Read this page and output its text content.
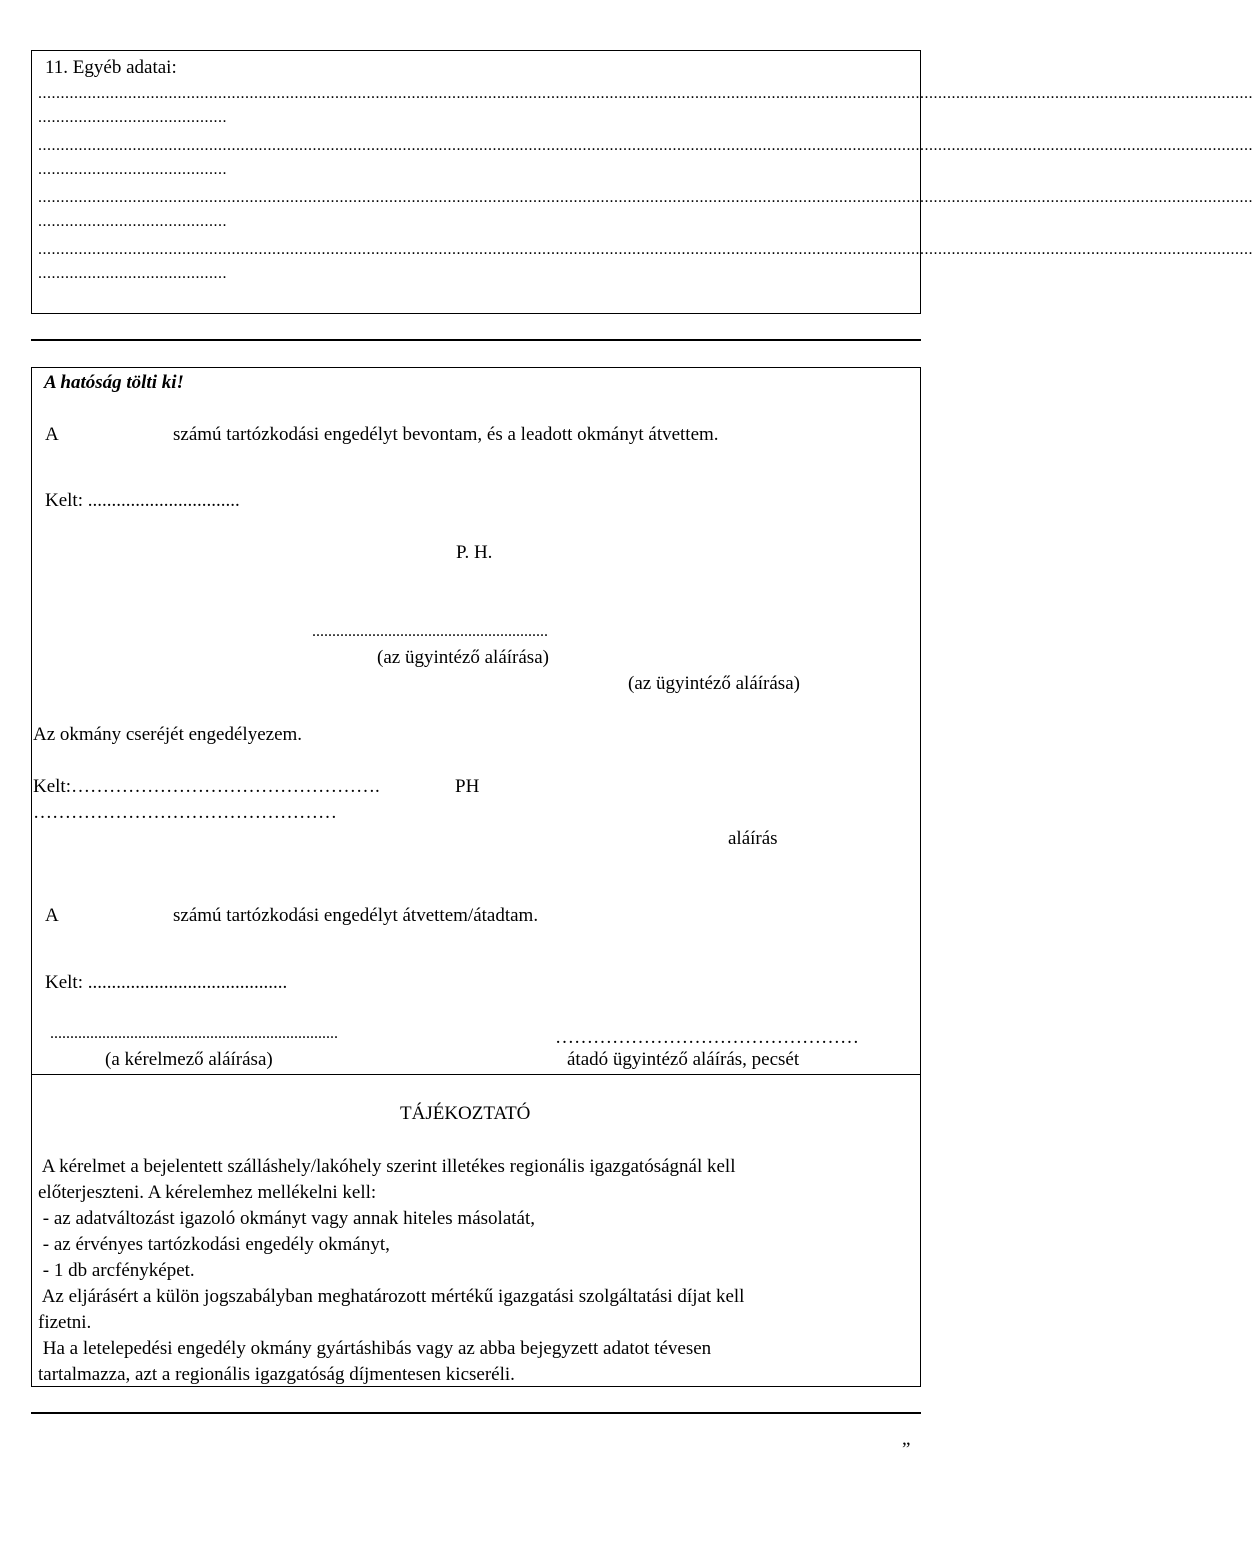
11. Egyéb adatai:
..............................................................................................................................................................................................................................................................................
..........................................
..............................................................................................................................................................................................................................................................................
..........................................
..............................................................................................................................................................................................................................................................................
..........................................
..............................................................................................................................................................................................................................................................................
..........................................
A hatóság tölti ki!
A	számú tartózkodási engedélyt bevontam, és a leadott okmányt átvettem.
Kelt: ................................
P. H.
...........................................................
(az ügyintéző aláírása)
(az ügyintéző aláírása)
Az okmány cseréjét engedélyezem.
Kelt:………………………………………….	PH
…………………………………………
aláírás
A	számú tartózkodási engedélyt átvettem/átadtam.
Kelt: ..........................................
........................................................................	…………………………………………
(a kérelmező aláírása)	átadó ügyintéző aláírás, pecsét
TÁJÉKOZTATÓ
A kérelmet a bejelentett szálláshely/lakóhely szerint illetékes regionális igazgatóságnál kell
előterjeszteni. A kérelemhez mellékelni kell:
- az adatváltozást igazoló okmányt vagy annak hiteles másolatát,
- az érvényes tartózkodási engedély okmányt,
- 1 db arcfényképet.
Az eljárásért a külön jogszabályban meghatározott mértékű igazgatási szolgáltatási díjat kell
fizetni.
Ha a letelepedési engedély okmány gyártáshibás vagy az abba bejegyzett adatot tévesen
tartalmazza, azt a regionális igazgatóság díjmentesen kicseréli.
”
